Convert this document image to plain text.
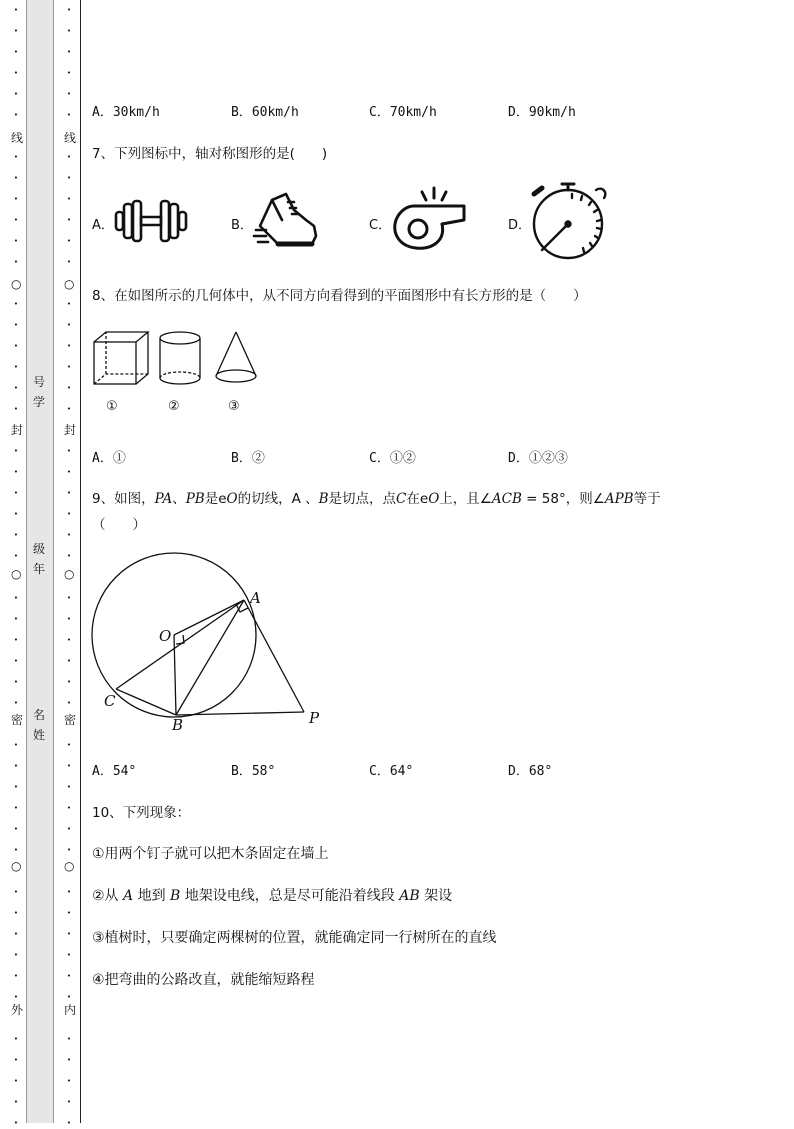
•
•
•
•
•
•
线
•
•
•
•
•
•
○
•
•
•
•
•
•
封
•
•
•
•
•
•
○
•
•
•
•
•
•
密
•
•
•
•
•
•
○
•
•
•
•
•
•
外
•
•
•
•
•
•
•
•
•
•
•
线
•
•
•
•
•
•
○
•
•
•
•
•
•
封
•
•
•
•
•
•
○
•
•
•
•
•
•
密
•
•
•
•
•
•
○
•
•
•
•
•
•
内
•
•
•
•
•
号
学
级
年
名
姓
A．30km/h	B．60km/h	C．70km/h	D．90km/h
7、下列图标中，轴对称图形的是(　　)
A．	B．	C．	D．
8、在如图所示的几何体中，从不同方向看得到的平面图形中有长方形的是（　　）
①	②	③
A．①	B．②	C．①②	D．①②③
9、如图，PA、PB是eO的切线，A 、B是切点，点C在eO上，且∠ACB = 58°，则∠APB等于
（　　）
A
O
C
B	P
A．54°	B．58°	C．64°	D．68°
10、下列现象：
①用两个钉子就可以把木条固定在墙上
②从 A 地到 B 地架设电线，总是尽可能沿着线段 AB 架设
③植树时，只要确定两棵树的位置，就能确定同一行树所在的直线
④把弯曲的公路改直，就能缩短路程
